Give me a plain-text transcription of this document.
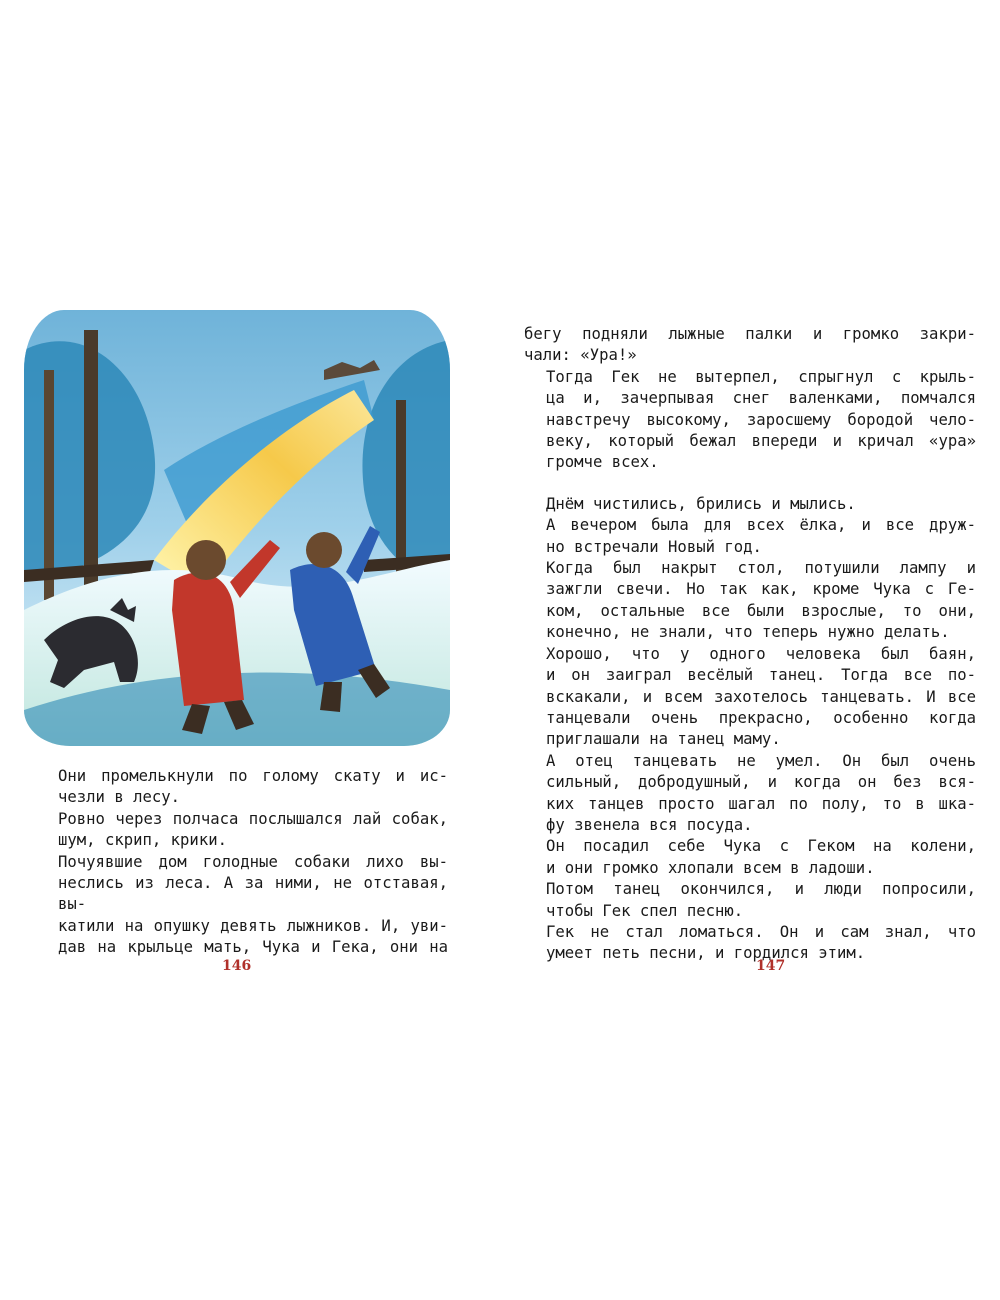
Они промелькнули по голому скату и ис-
чезли в лесу.

Ровно через полчаса послышался лай собак,
шум, скрип, крики.

Почуявшие дом голодные собаки лихо вы-
неслись из леса. А за ними, не отставая, вы-
катили на опушку девять лыжников. И, уви-
дав на крыльце мать, Чука и Гека, они на

146

бегу подняли лыжные палки и громко закри-
чали: «Ура!»

Тогда Гек не вытерпел, спрыгнул с крыль-
ца и, зачерпывая снег валенками, помчался
навстречу высокому, заросшему бородой чело-
веку, который бежал впереди и кричал «ура»
громче всех.

Днём чистились, брились и мылись.

А вечером была для всех ёлка, и все друж-
но встречали Новый год.

Когда был накрыт стол, потушили лампу и
зажгли свечи. Но так как, кроме Чука с Ге-
ком, остальные все были взрослые, то они,
конечно, не знали, что теперь нужно делать.

Хорошо, что у одного человека был баян,
и он заиграл весёлый танец. Тогда все по-
вскакали, и всем захотелось танцевать. И все
танцевали очень прекрасно, особенно когда
приглашали на танец маму.

А отец танцевать не умел. Он был очень
сильный, добродушный, и когда он без вся-
ких танцев просто шагал по полу, то в шка-
фу звенела вся посуда.

Он посадил себе Чука с Геком на колени,
и они громко хлопали всем в ладоши.

Потом танец окончился, и люди попросили,
чтобы Гек спел песню.

Гек не стал ломаться. Он и сам знал, что
умеет петь песни, и гордился этим.

147
